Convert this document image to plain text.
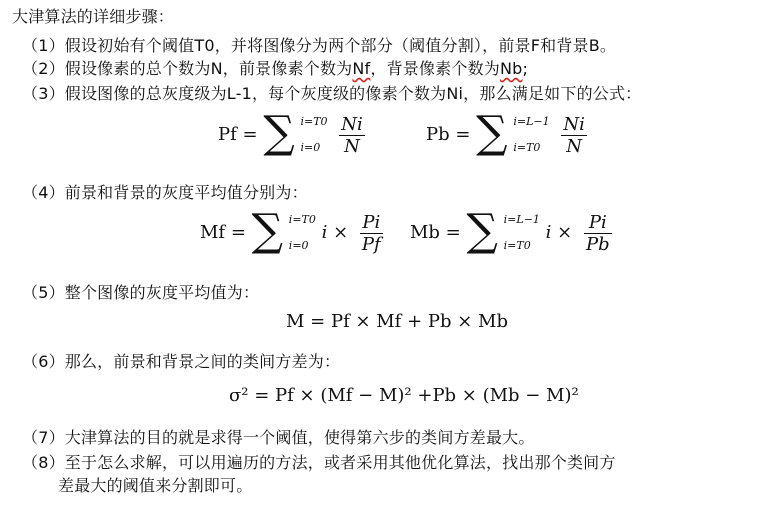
大津算法的详细步骤：
（1）假设初始有个阈值T0，并将图像分为两个部分（阈值分割），前景F和背景B。
（2）假设像素的总个数为N，前景像素个数为Nf，背景像素个数为Nb;
（3）假设图像的总灰度级为L-1，每个灰度级的像素个数为Ni，那么满足如下的公式：
Pf = ∑ i=T0
i=0
	$\frac{Ni}{N}$	Pb = ∑ i=L−1
i=T0
	$\frac{Ni}{N}$
（4）前景和背景的灰度平均值分别为：
Mf = ∑ i=T0
i=0
$i \times \frac{Pi}{Pf}$ Mb = ∑ i=L−1
i=T0
$i \times \frac{Pi}{Pb}$
（5）整个图像的灰度平均值为：
M = Pf × Mf + Pb × Mb
（6）那么，前景和背景之间的类间方差为：
σ² = Pf × (Mf − M)² +Pb × (Mb − M)²
（7）大津算法的目的就是求得一个阈值，使得第六步的类间方差最大。
（8）至于怎么求解，可以用遍历的方法，或者采用其他优化算法，找出那个类间方
差最大的阈值来分割即可。
